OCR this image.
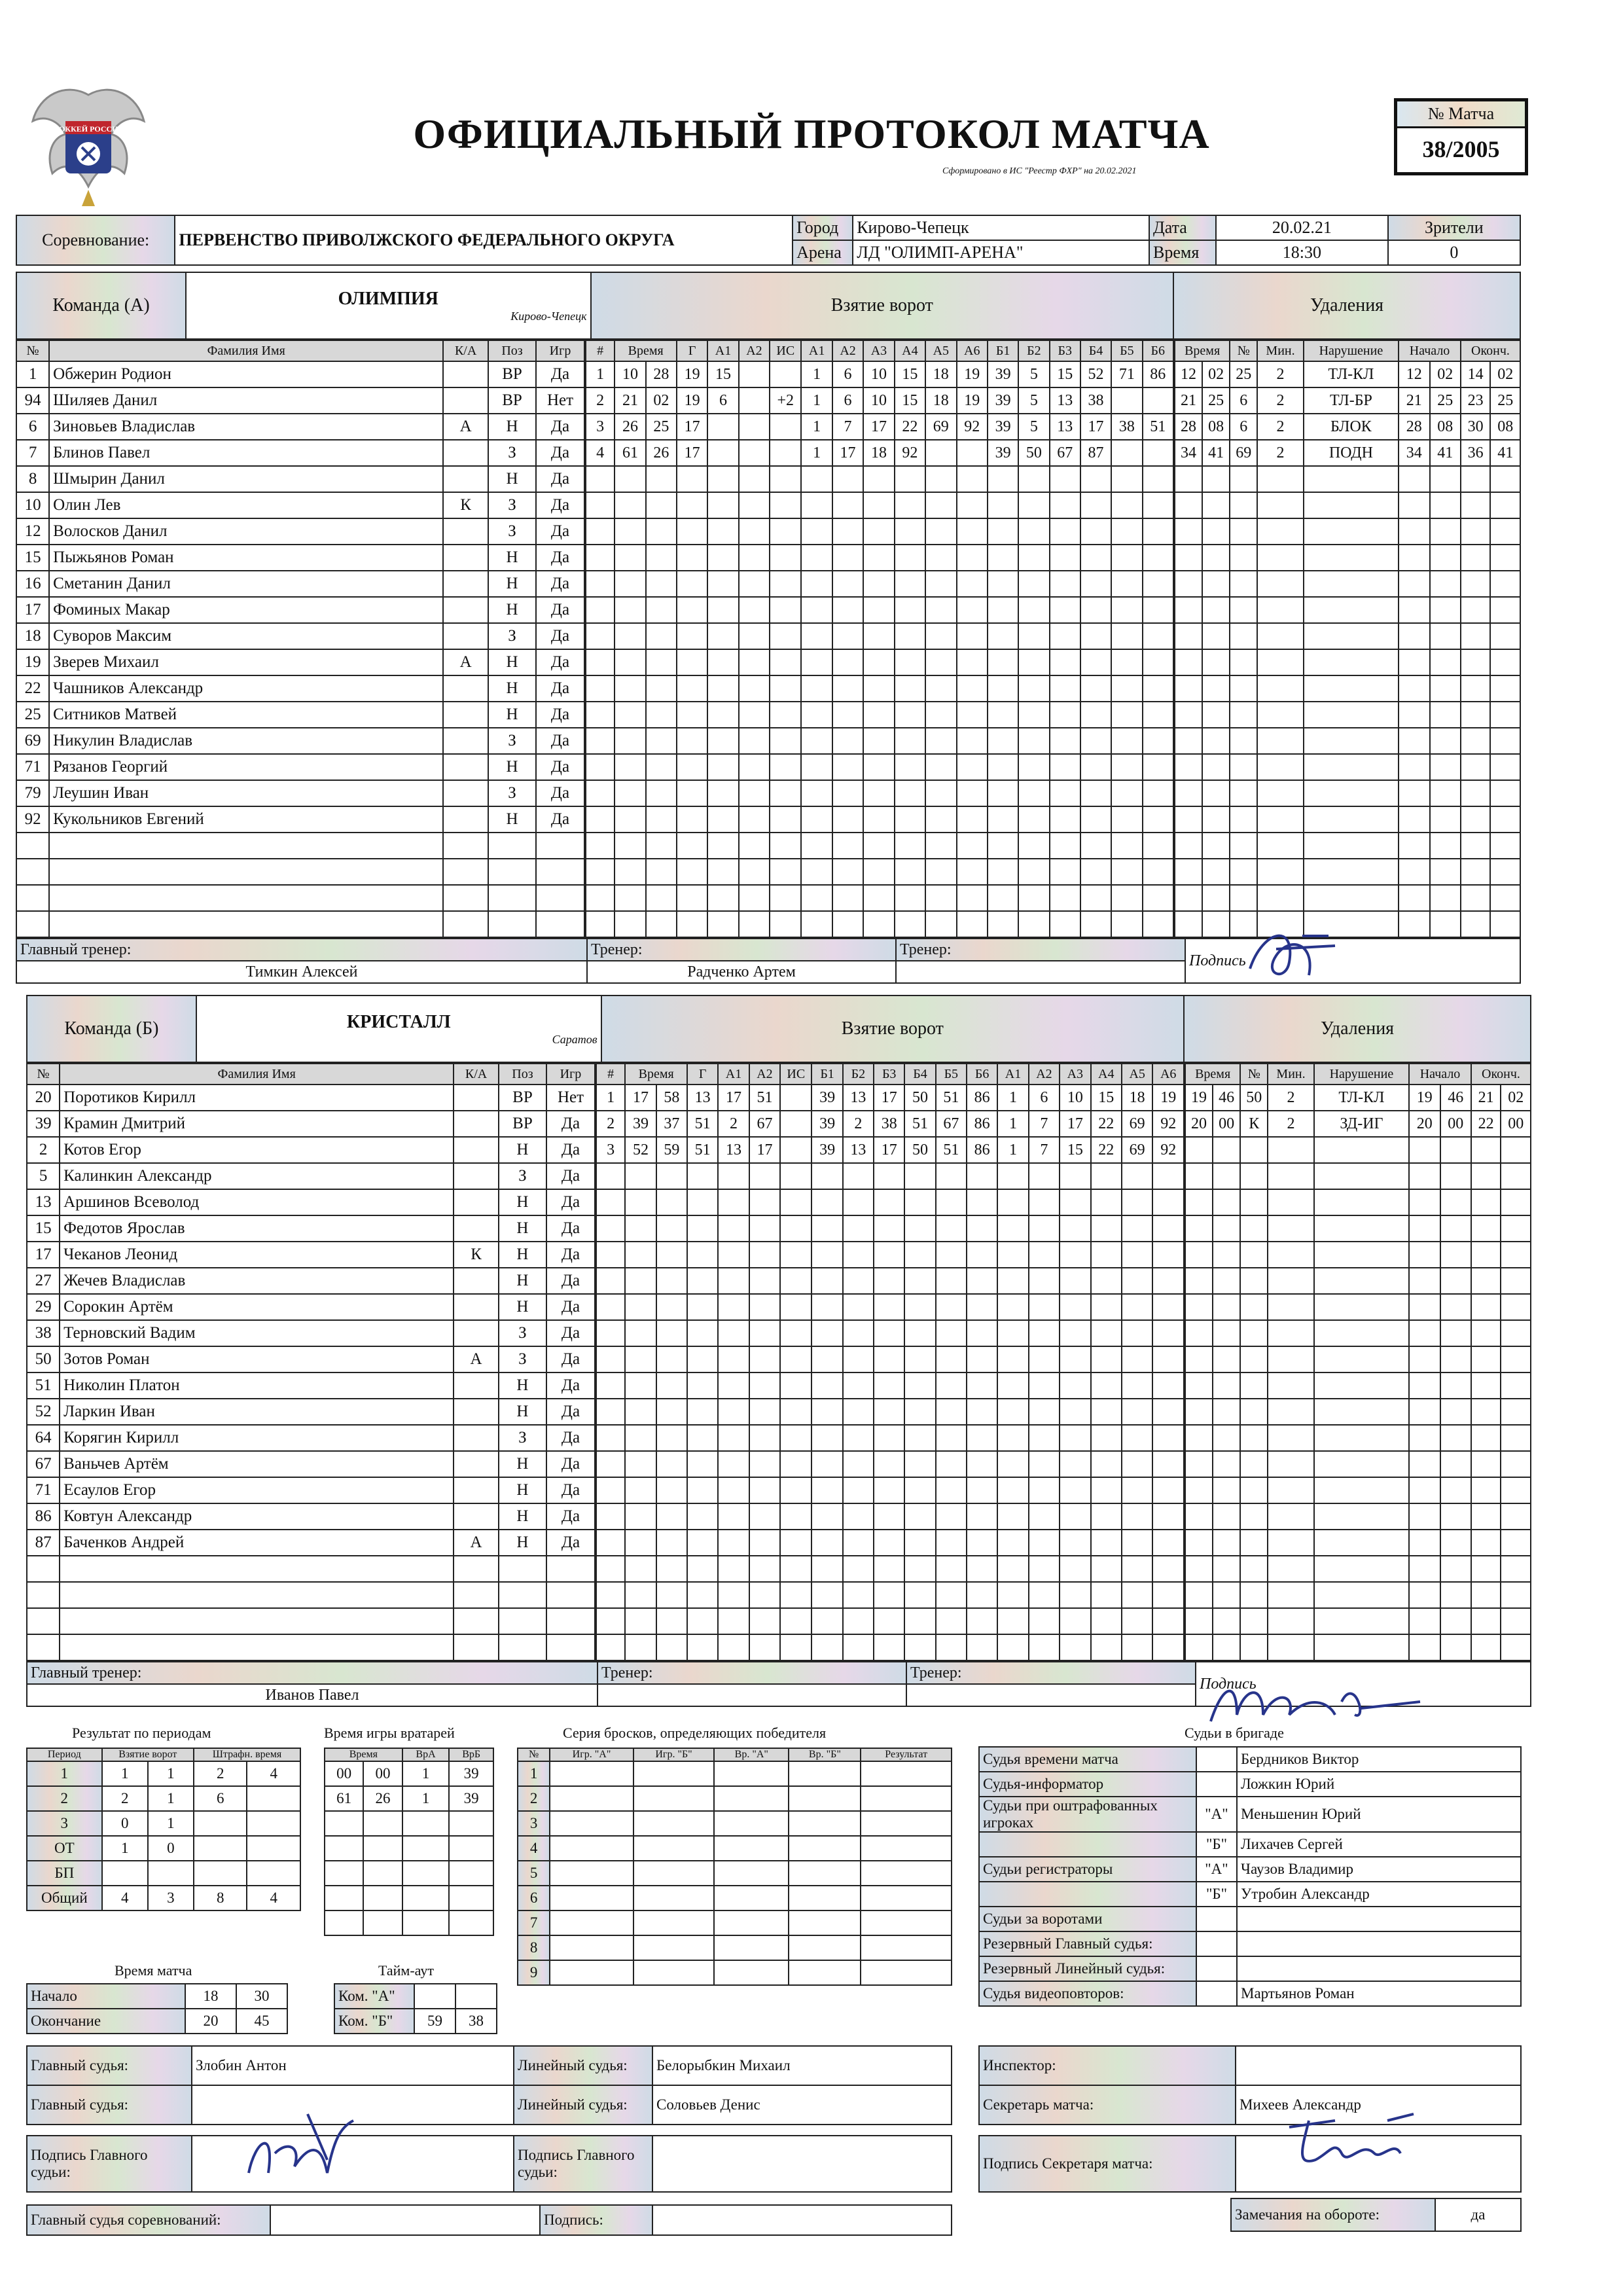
ХОККЕЙ РОССИИ	ОФИЦИАЛЬНЫЙ ПРОТОКОЛ МАТЧА
Сформировано в ИС "Реестр ФХР" на 20.02.2021
№ Матча
38/2005
Соревнование:	ПЕРВЕНСТВО ПРИВОЛЖСКОГО ФЕДЕРАЛЬНОГО ОКРУГА	Город	Кирово-Чепецк	Дата	20.02.21	Зрители
		Арена	ЛД "ОЛИМП-АРЕНА"	Время	18:30	0
Команда (А)	ОЛИМПИЯ
Кирово-Чепецк
	Взятие ворот	Удаления
№	Фамилия Имя	К/А	Поз	Игр
1	Обжерин Родион		ВР	Да
94	Шиляев Данил		ВР	Нет
6	Зиновьев Владислав	А	Н	Да
7	Блинов Павел		З	Да
8	Шмырин Данил		Н	Да
10	Олин Лев	К	З	Да
12	Волосков Данил		З	Да
15	Пыжьянов Роман		Н	Да
16	Сметанин Данил		Н	Да
17	Фоминых Макар		Н	Да
18	Суворов Максим		З	Да
19	Зверев Михаил	А	Н	Да
22	Чашников Александр		Н	Да
25	Ситников Матвей		Н	Да
69	Никулин Владислав		З	Да
71	Рязанов Георгий		Н	Да
79	Леушин Иван		З	Да
92	Кукольников Евгений		Н	Да

#	Время		Г	А1	А2	ИС	А1	А2	А3	А4	А5	А6	Б1	Б2	Б3	Б4	Б5	Б6
1	10	28	19	15			1	6	10	15	18	19	39	5	15	52	71	86
2	21	02	19	6		+2	1	6	10	15	18	19	39	5	13	38		
3	26	25	17				1	7	17	22	69	92	39	5	13	17	38	51
4	61	26	17				1	17	18	92			39	50	67	87		

Время		№	Мин.	Нарушение	Начало		Оконч.	
12	02	25	2	ТЛ-КЛ	12	02	14	02
21	25	6	2	ТЛ-БР	21	25	23	25
28	08	6	2	БЛОК	28	08	30	08
34	41	69	2	ПОДН	34	41	36	41

Главный тренер:	Тренер:	Тренер:	Подпись
Тимкин Алексей	Радченко Артем		
Команда (Б)	КРИСТАЛЛ
Саратов
	Взятие ворот	Удаления
№	Фамилия Имя	К/А	Поз	Игр
20	Поротиков Кирилл		ВР	Нет
39	Крамин Дмитрий		ВР	Да
2	Котов Егор		Н	Да
5	Калинкин Александр		З	Да
13	Аршинов Всеволод		Н	Да
15	Федотов Ярослав		Н	Да
17	Чеканов Леонид	К	Н	Да
27	Жечев Владислав		Н	Да
29	Сорокин Артём		Н	Да
38	Терновский Вадим		З	Да
50	Зотов Роман	А	З	Да
51	Николин Платон		Н	Да
52	Ларкин Иван		Н	Да
64	Корягин Кирилл		З	Да
67	Ваньчев Артём		Н	Да
71	Есаулов Егор		Н	Да
86	Ковтун Александр		Н	Да
87	Баченков Андрей	А	Н	Да

#	Время		Г	А1	А2	ИС	Б1	Б2	Б3	Б4	Б5	Б6	А1	А2	А3	А4	А5	А6
1	17	58	13	17	51		39	13	17	50	51	86	1	6	10	15	18	19
2	39	37	51	2	67		39	2	38	51	67	86	1	7	17	22	69	92
3	52	59	51	13	17		39	13	17	50	51	86	1	7	15	22	69	92

Время		№	Мин.	Нарушение	Начало		Оконч.	
19	46	50	2	ТЛ-КЛ	19	46	21	02
20	00	К	2	ЗД-ИГ	20	00	22	00

Главный тренер:	Тренер:	Тренер:	Подпись
Иванов Павел			
Результат по периодам
Период	Взятие ворот		Штрафн. время	
1	1	1	2	4
2	2	1	6	
3	0	1		
ОТ	1	0		
БП				
Общий	4	3	8	4
Время игры вратарей
Время		ВрА	ВрБ
00	00	1	39
61	26	1	39

Серия бросков, определяющих победителя
№	Игр. "А"	Игр. "Б"	Вр. "А"	Вр. "Б"	Результат
1					
2					
3					
4					
5					
6					
7					
8					
9					
Время матча
Начало	18	30
Окончание	20	45
Тайм-аут
Ком. "А"		
Ком. "Б"	59	38
Судьи в бригаде
Судья времени матча		Бердников Виктор
Судья-информатор		Ложкин Юрий
Судьи при оштрафованных игроках	"А"	Меньшенин Юрий
	"Б"	Лихачев Сергей
Судьи регистраторы	"А"	Чаузов Владимир
	"Б"	Утробин Александр
Судьи за воротами		
Резервный Главный судья:		
Резервный Линейный судья:		
Судья видеоповторов:		Мартьянов Роман
Главный судья:	Злобин Антон	Линейный судья:	Белорыбкин Михаил
Главный судья:		Линейный судья:	Соловьев Денис
Инспектор:	
Секретарь матча:	Михеев Александр
Подпись Главного судьи:		Подпись Главного судьи:	
Подпись Секретаря матча:	
Главный судья соревнований:		Подпись:		Замечания на обороте:	да
